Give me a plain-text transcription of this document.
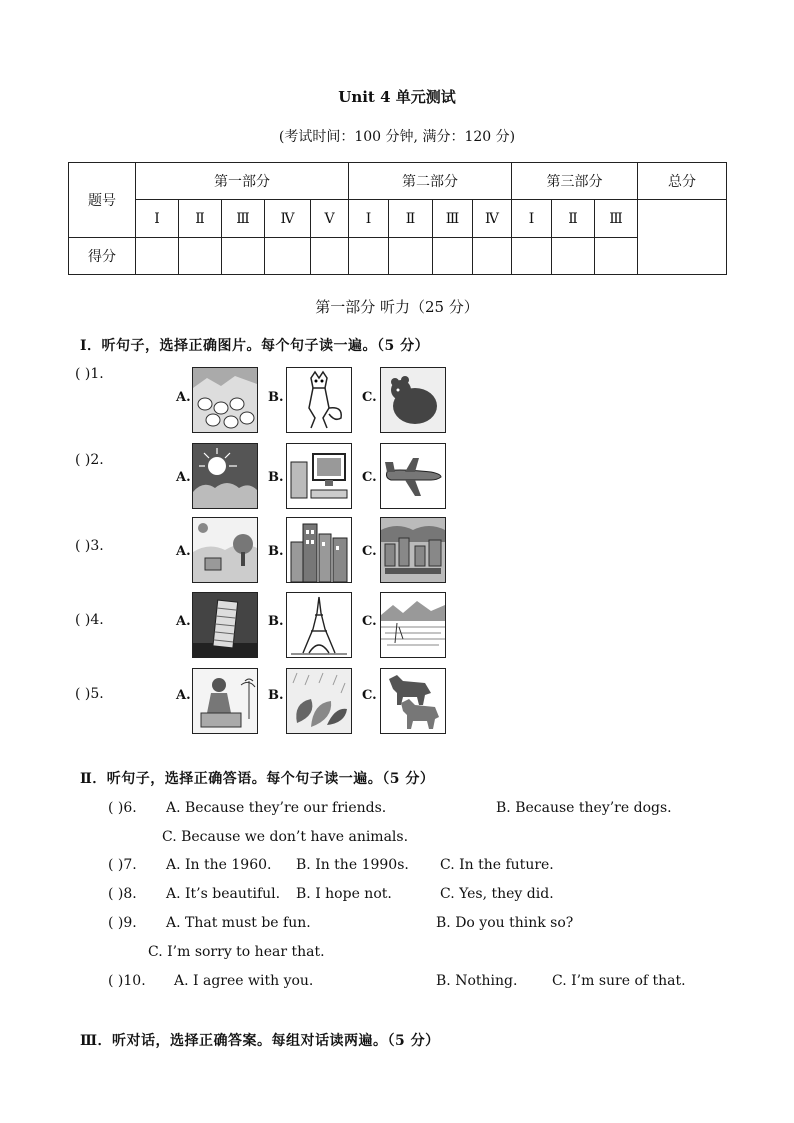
Unit 4 单元测试
(考试时间：100 分钟, 满分：120 分)
题号	第一部分					第二部分				第三部分			总分
	Ⅰ	Ⅱ	Ⅲ	Ⅳ	Ⅴ	Ⅰ	Ⅱ	Ⅲ	Ⅳ	Ⅰ	Ⅱ	Ⅲ	
得分													
第一部分 听力（25 分）
Ⅰ．听句子，选择正确图片。每个句子读一遍。（5 分）
( )1.
A.	B.	C.
( )2.
A.	B.	C.
( )3.	A.	B.	C.
( )4.	A.	B.	C.
( )5.	A.	B.	C.
Ⅱ．听句子，选择正确答语。每个句子读一遍。（5 分）
( )6. A. Because they’re our friends.	B. Because they’re dogs.
C. Because we don’t have animals.
( )7. A. In the 1960. B. In the 1990s. C. In the future.
( )8. A. It’s beautiful. B. I hope not.	C. Yes, they did.
( )9. A. That must be fun.	B. Do you think so?
C. I’m sorry to hear that.
( )10. A. I agree with you.	B. Nothing. C. I’m sure of that.
Ⅲ．听对话，选择正确答案。每组对话读两遍。（5 分）
